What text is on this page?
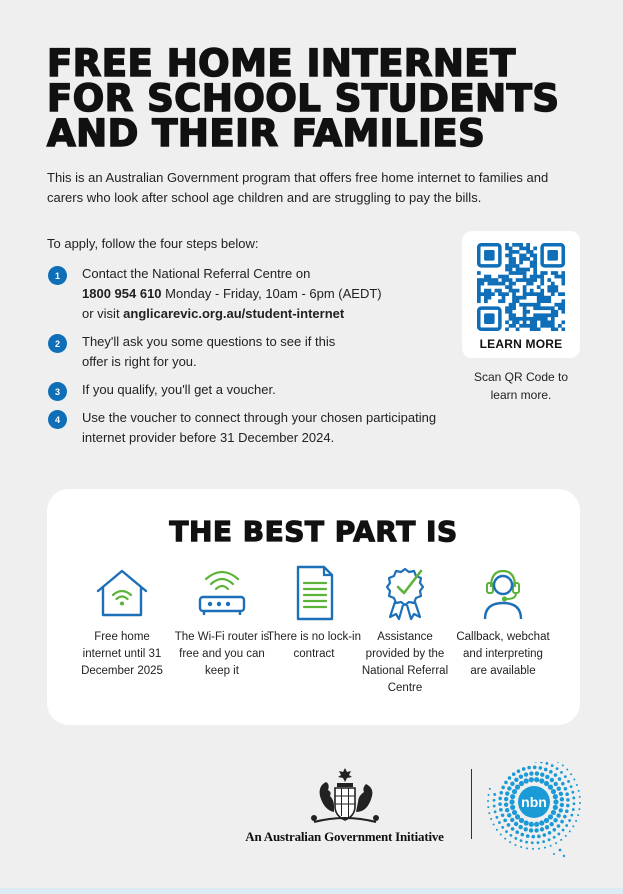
FREE HOME INTERNET
FOR SCHOOL STUDENTS
AND THEIR FAMILIES

This is an Australian Government program that offers free home internet to families and carers who look after school age children and are struggling to pay the bills.

To apply, follow the four steps below:

1	Contact the National Referral Centre on
1800 954 610 Monday - Friday, 10am - 6pm (AEDT)
or visit anglicarevic.org.au/student-internet
2	They'll ask you some questions to see if this offer is right for you.
3	If you qualify, you'll get a voucher.
4	Use the voucher to connect through your chosen participating internet provider before 31 December 2024.
LEARN MORE
Scan QR Code to learn more.
THE BEST PART IS
Free home internet until 31 December 2025
The Wi-Fi router is free and you can keep it
There is no lock-in contract
Assistance provided by the National Referral Centre
Callback, webchat and interpreting are available
An Australian Government Initiative
nbn
